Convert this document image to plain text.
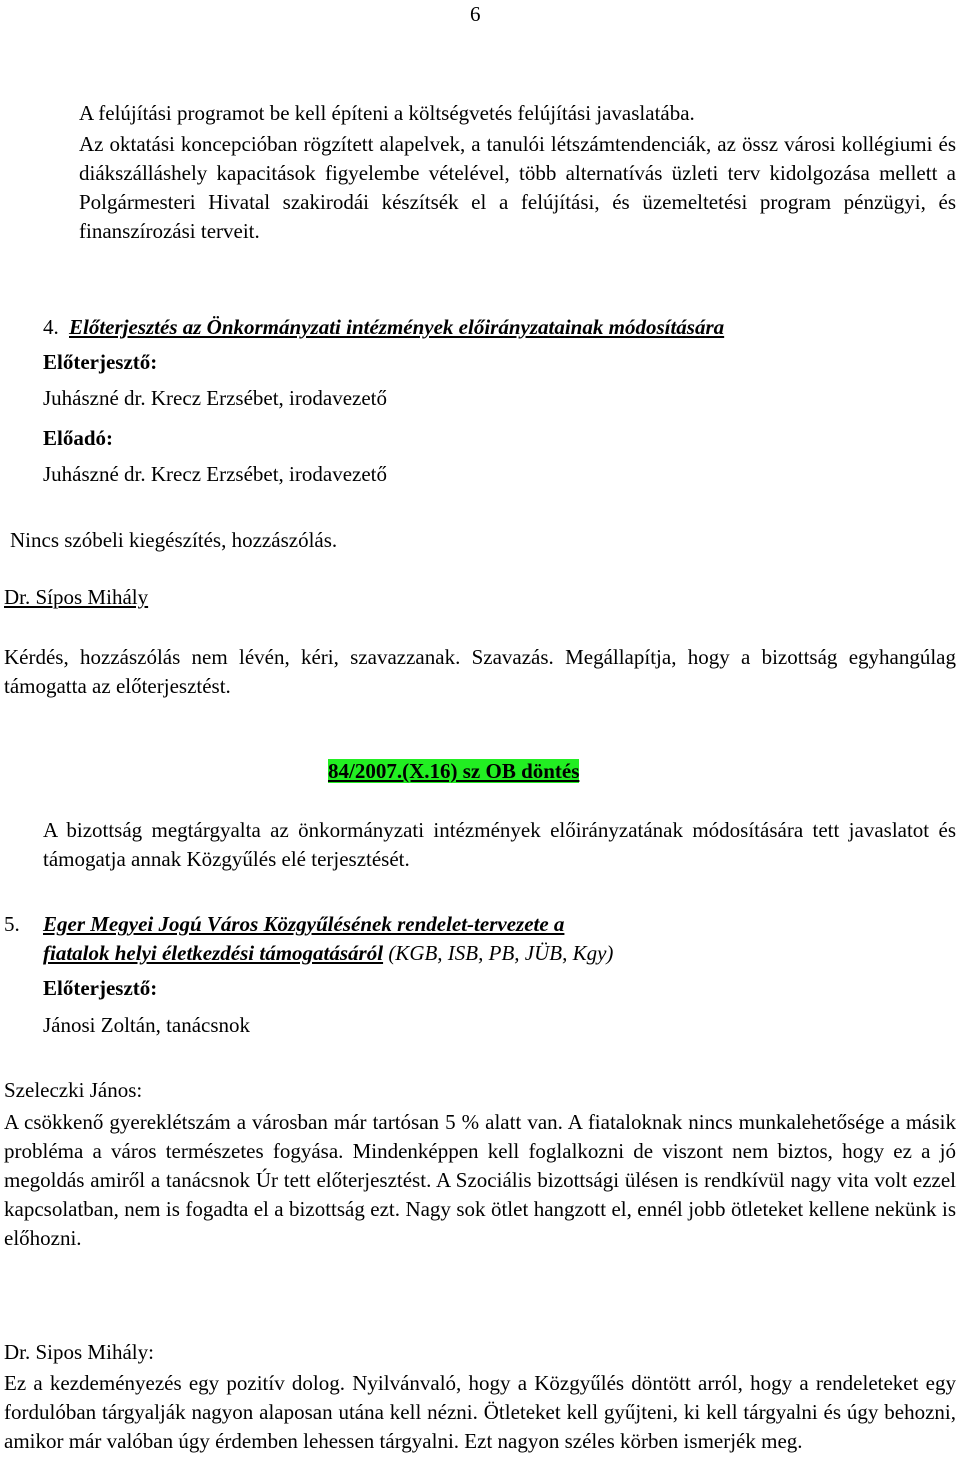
6
A felújítási programot be kell építeni a költségvetés felújítási javaslatába.
Az oktatási koncepcióban rögzített alapelvek, a tanulói létszámtendenciák, az össz városi kollégiumi és diákszálláshely kapacitások figyelembe vételével, több alternatívás üzleti terv kidolgozása mellett a Polgármesteri Hivatal szakirodái készítsék el a felújítási, és üzemeltetési program pénzügyi, és finanszírozási terveit.
4. Előterjesztés az Önkormányzati intézmények előirányzatainak módosítására
Előterjesztő:
Juhászné dr. Krecz Erzsébet, irodavezető
Előadó:
Juhászné dr. Krecz Erzsébet, irodavezető
Nincs szóbeli kiegészítés, hozzászólás.
Dr. Sípos Mihály
Kérdés, hozzászólás nem lévén, kéri, szavazzanak. Szavazás. Megállapítja, hogy a bizottság egyhangúlag támogatta az előterjesztést.
84/2007.(X.16) sz OB döntés
A bizottság megtárgyalta az önkormányzati intézmények előirányzatának módosítására tett javaslatot és támogatja annak Közgyűlés elé terjesztését.
5. Eger Megyei Jogú Város Közgyűlésének rendelet-tervezete a
fiatalok helyi életkezdési támogatásáról (KGB, ISB, PB, JÜB, Kgy)
Előterjesztő:
Jánosi Zoltán, tanácsnok
Szeleczki János:
A csökkenő gyereklétszám a városban már tartósan 5 % alatt van. A fiataloknak nincs munkalehetősége a másik probléma a város természetes fogyása. Mindenképpen kell foglalkozni de viszont nem biztos, hogy ez a jó megoldás amiről a tanácsnok Úr tett előterjesztést. A Szociális bizottsági ülésen is rendkívül nagy vita volt ezzel kapcsolatban, nem is fogadta el a bizottság ezt. Nagy sok ötlet hangzott el, ennél jobb ötleteket kellene nekünk is előhozni.
Dr. Sipos Mihály:
Ez a kezdeményezés egy pozitív dolog. Nyilvánvaló, hogy a Közgyűlés döntött arról, hogy a rendeleteket egy fordulóban tárgyalják nagyon alaposan utána kell nézni. Ötleteket kell gyűjteni, ki kell tárgyalni és úgy behozni, amikor már valóban úgy érdemben lehessen tárgyalni. Ezt nagyon széles körben ismerjék meg.
